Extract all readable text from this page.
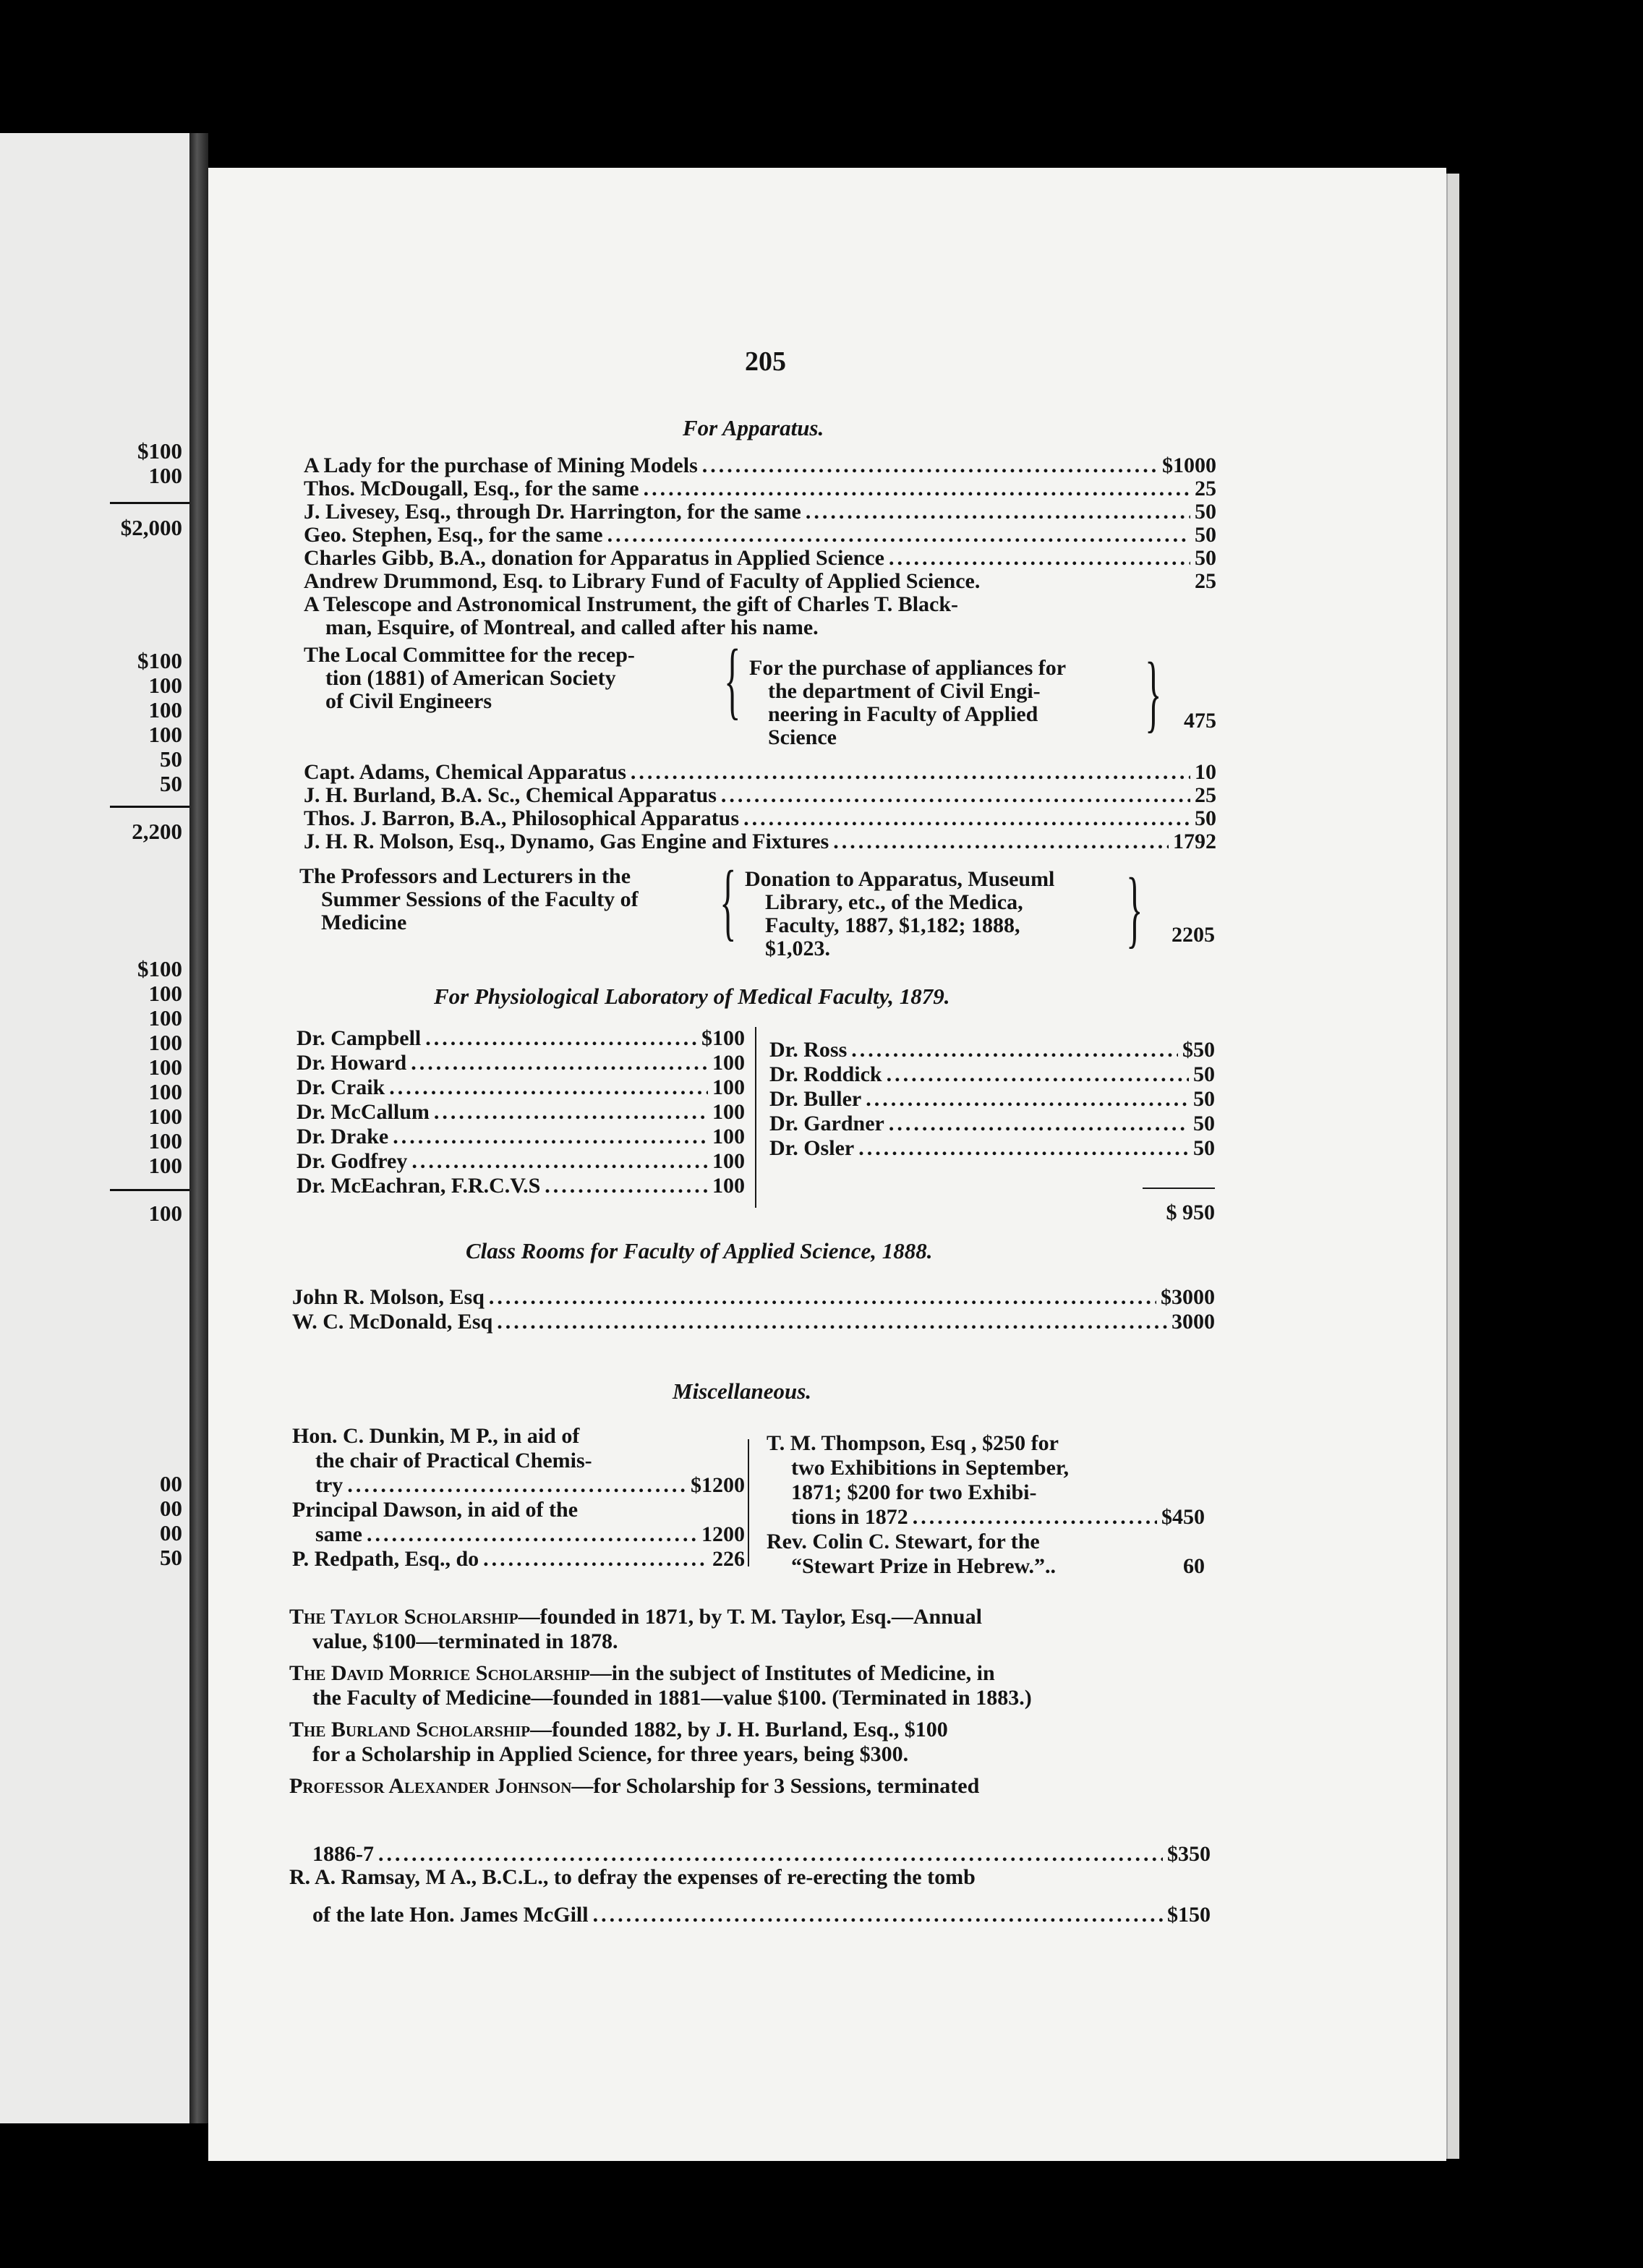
$100
100
$2,000
$100
100
100
100
50
50
2,200
$100
100
100
100
100
100
100
100
100
100
00
00
00
50
205
For Apparatus.
A Lady for the purchase of Mining Models .....	$1000
Thos. McDougall, Esq., for the same .....	25
J. Livesey, Esq., through Dr. Harrington, for the same .....	50
Geo. Stephen, Esq., for the same .....	50
Charles Gibb, B.A., donation for Apparatus in Applied Science .....	50
Andrew Drummond, Esq. to Library Fund of Faculty of Applied Science.	25
A Telescope and Astronomical Instrument, the gift of Charles T. Black-
man, Esquire, of Montreal, and called after his name.
The Local Committee for the recep-
tion (1881) of American Society
of Civil Engineers	{ For the purchase of appliances for
the department of Civil Engi-
neering in Faculty of Applied
Science	}	475
Capt. Adams, Chemical Apparatus .....	10
J. H. Burland, B.A. Sc., Chemical Apparatus .....	25
Thos. J. Barron, B.A., Philosophical Apparatus .....	50
J. H. R. Molson, Esq., Dynamo, Gas Engine and Fixtures .....	1792
The Professors and Lecturers in the
Summer Sessions of the Faculty of
Medicine	{ Donation to Apparatus, Museuml
Library, etc., of the Medica,
Faculty, 1887, $1,182; 1888,
$1,023.	}	2205
For Physiological Laboratory of Medical Faculty, 1879.
Dr. Campbell .....	$100
Dr. Howard .....	100
Dr. Craik .....	100
Dr. McCallum .....	100
Dr. Drake .....	100
Dr. Godfrey .....	100
Dr. McEachran, F.R.C.V.S .....	100
Dr. Ross .....	$50
Dr. Roddick .....	50
Dr. Buller .....	50
Dr. Gardner .....	50
Dr. Osler .....	50
$ 950
Class Rooms for Faculty of Applied Science, 1888.
John R. Molson, Esq .....	$3000
W. C. McDonald, Esq .....	3000
Miscellaneous.
Hon. C. Dunkin, M P., in aid of
the chair of Practical Chemis-
try .....	$1200
Principal Dawson, in aid of the
same .....	1200
P. Redpath, Esq., do .....	226
T. M. Thompson, Esq , $250 for
two Exhibitions in September,
1871; $200 for two Exhibi-
tions in 1872 .....	$450
Rev. Colin C. Stewart, for the
“Stewart Prize in Hebrew.”..	60
The Taylor Scholarship—founded in 1871, by T. M. Taylor, Esq.—Annual
value, $100—terminated in 1878.
The David Morrice Scholarship—in the subject of Institutes of Medicine, in
the Faculty of Medicine—founded in 1881—value $100. (Terminated in 1883.)
The Burland Scholarship—founded 1882, by J. H. Burland, Esq., $100
for a Scholarship in Applied Science, for three years, being $300.
Professor Alexander Johnson—for Scholarship for 3 Sessions, terminated
1886-7 .....	$350
R. A. Ramsay, M A., B.C.L., to defray the expenses of re-erecting the tomb
of the late Hon. James McGill .....	$150
